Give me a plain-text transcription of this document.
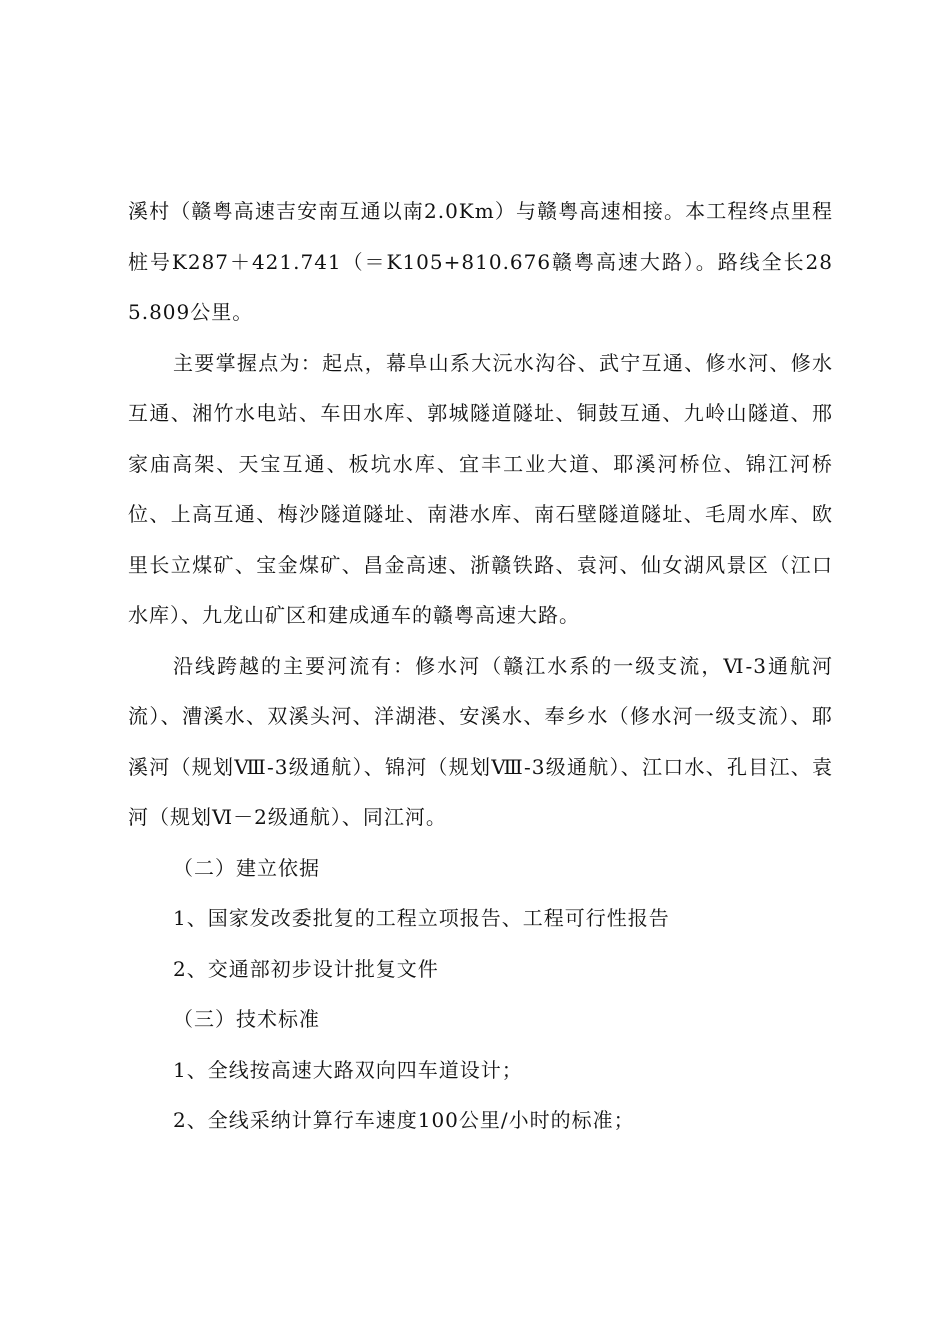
溪村（赣粤高速吉安南互通以南2.0Km）与赣粤高速相接。本工程终点里程桩号K287＋421.741（＝K105+810.676赣粤高速大路）。路线全长285.809公里。

主要掌握点为：起点，幕阜山系大沅水沟谷、武宁互通、修水河、修水互通、湘竹水电站、车田水库、郭城隧道隧址、铜鼓互通、九岭山隧道、邢家庙高架、天宝互通、板坑水库、宜丰工业大道、耶溪河桥位、锦江河桥位、上高互通、梅沙隧道隧址、南港水库、南石壁隧道隧址、毛周水库、欧里长立煤矿、宝金煤矿、昌金高速、浙赣铁路、袁河、仙女湖风景区（江口水库）、九龙山矿区和建成通车的赣粤高速大路。

沿线跨越的主要河流有：修水河（赣江水系的一级支流，Ⅵ-3通航河流）、漕溪水、双溪头河、洋湖港、安溪水、奉乡水（修水河一级支流）、耶溪河（规划Ⅷ-3级通航）、锦河（规划Ⅷ-3级通航）、江口水、孔目江、袁河（规划Ⅵ－2级通航）、同江河。

（二）建立依据

1、国家发改委批复的工程立项报告、工程可行性报告

2、交通部初步设计批复文件

（三）技术标准

1、全线按高速大路双向四车道设计；

2、全线采纳计算行车速度100公里/小时的标准；
